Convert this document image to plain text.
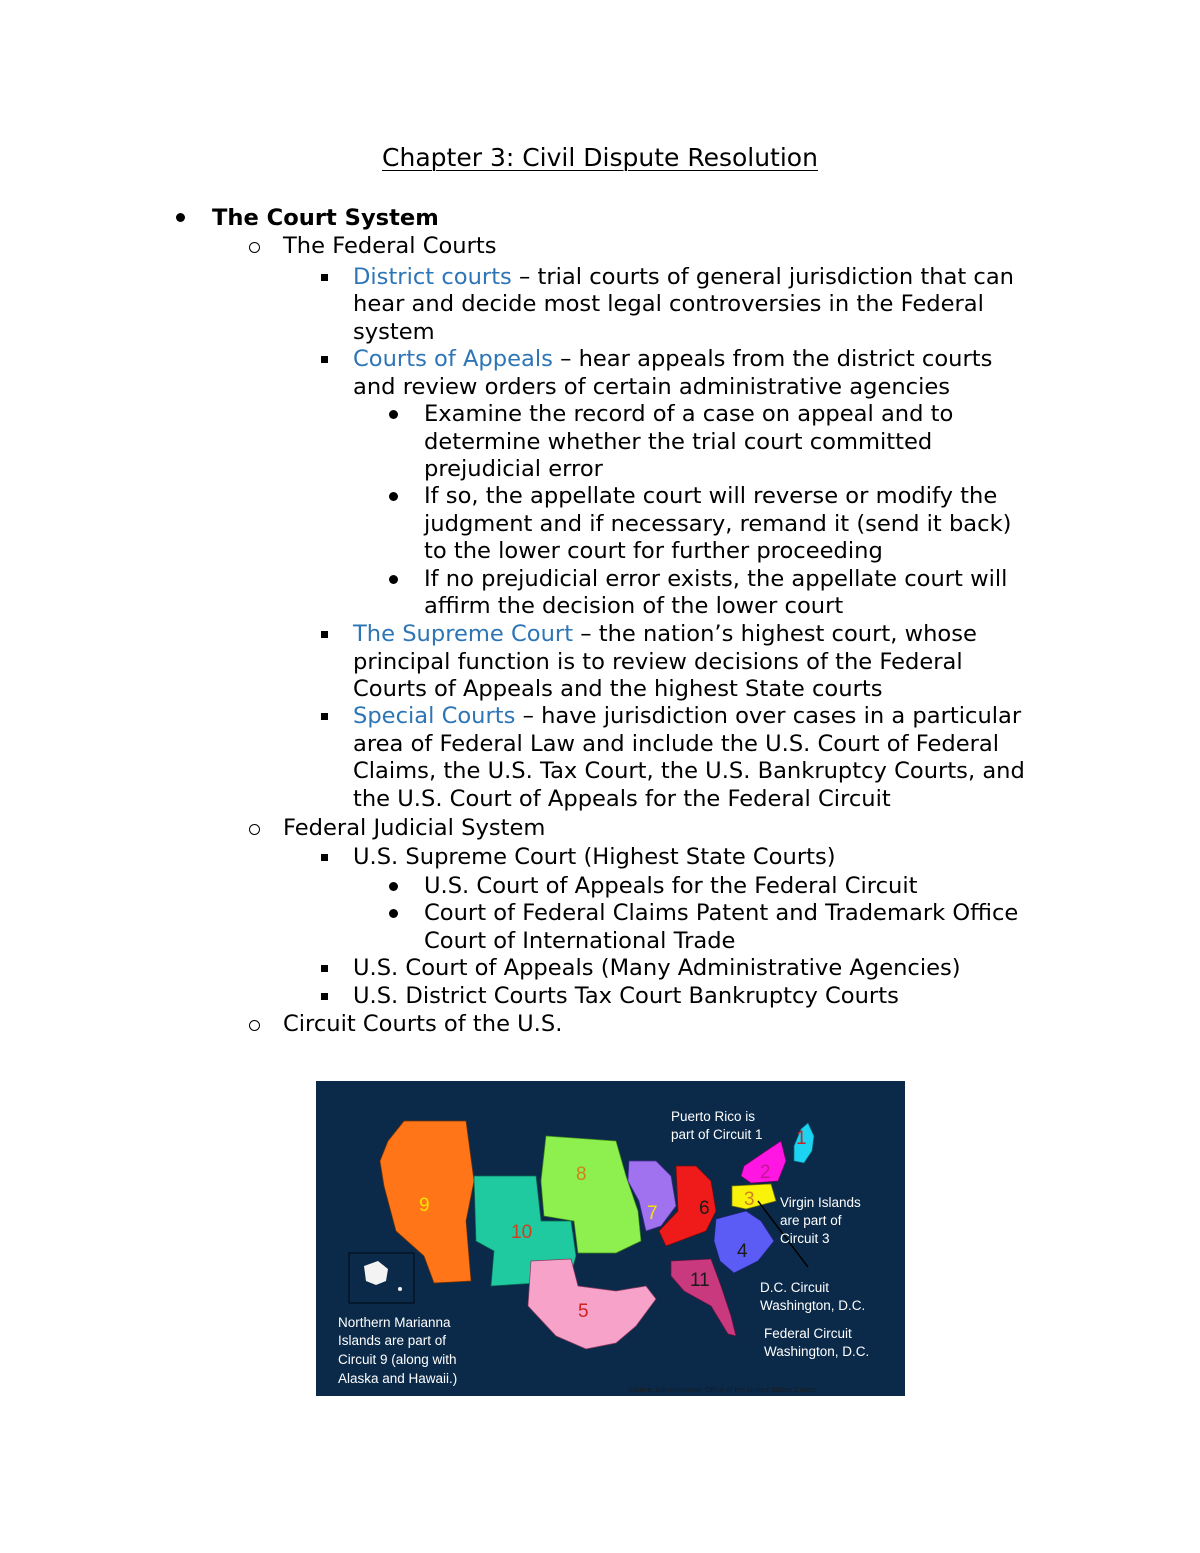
Chapter 3: Civil Dispute Resolution
The Court System
The Federal Courts
District courts – trial courts of general jurisdiction that can
hear and decide most legal controversies in the Federal
system
Courts of Appeals – hear appeals from the district courts
and review orders of certain administrative agencies
Examine the record of a case on appeal and to
determine whether the trial court committed
prejudicial error
If so, the appellate court will reverse or modify the
judgment and if necessary, remand it (send it back)
to the lower court for further proceeding
If no prejudicial error exists, the appellate court will
affirm the decision of the lower court
The Supreme Court – the nation’s highest court, whose
principal function is to review decisions of the Federal
Courts of Appeals and the highest State courts
Special Courts – have jurisdiction over cases in a particular
area of Federal Law and include the U.S. Court of Federal
Claims, the U.S. Tax Court, the U.S. Bankruptcy Courts, and
the U.S. Court of Appeals for the Federal Circuit
Federal Judicial System
U.S. Supreme Court (Highest State Courts)
U.S. Court of Appeals for the Federal Circuit
Court of Federal Claims Patent and Trademark Office
Court of International Trade
U.S. Court of Appeals (Many Administrative Agencies)
U.S. District Courts Tax Court Bankruptcy Courts
Circuit Courts of the U.S.
9
10
8
7 6
5
11
4
3
2
1
Puerto Rico is
part of Circuit 1
Virgin Islands
are part of
Circuit 3
D.C. Circuit
Washington, D.C.
Federal Circuit
Washington, D.C.
Northern Marianna
Islands are part of
Circuit 9 (along with
Alaska and Hawaii.)
Source: Administrative Office of the United States Courts
